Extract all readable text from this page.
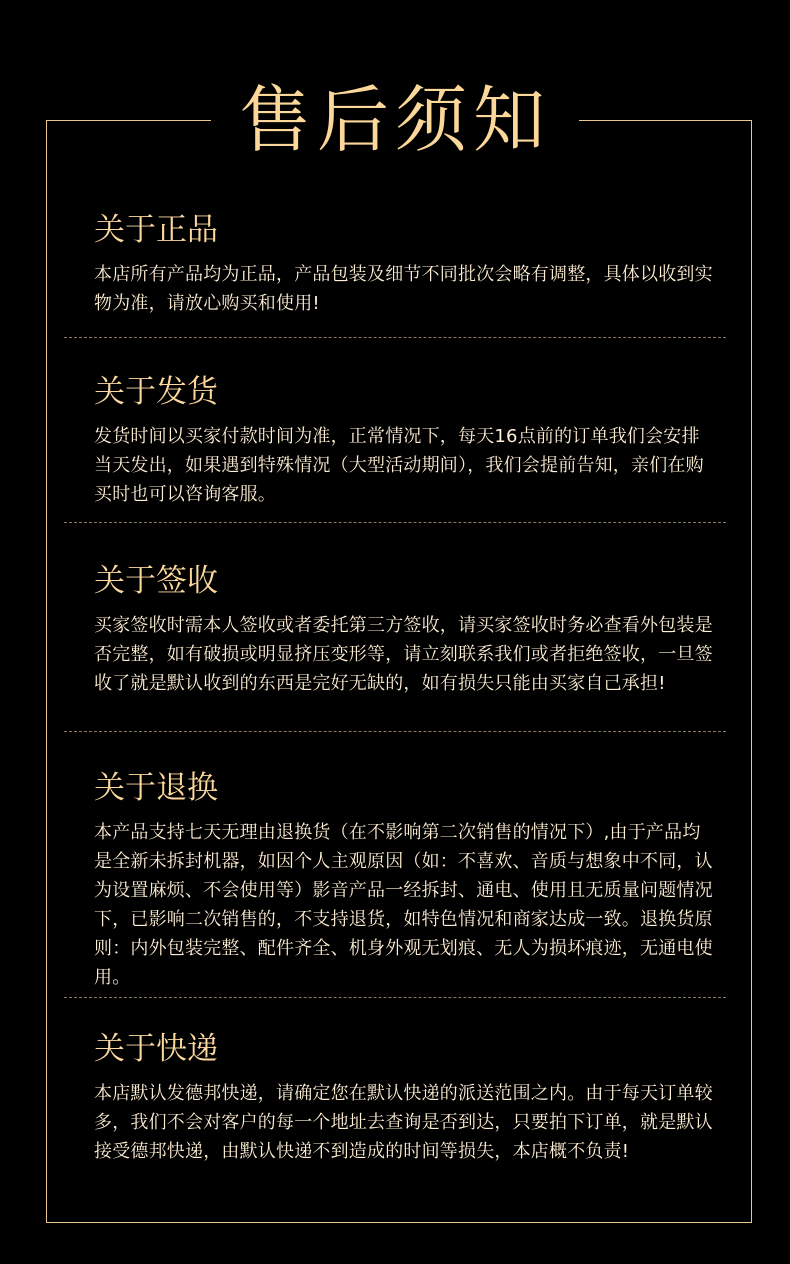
售后须知
关于正品

本店所有产品均为正品，产品包装及细节不同批次会略有调整，具体以收到实物为准，请放心购买和使用!

关于发货

发货时间以买家付款时间为准，正常情况下，每天16点前的订单我们会安排当天发出，如果遇到特殊情况（大型活动期间），我们会提前告知，亲们在购买时也可以咨询客服。

关于签收

买家签收时需本人签收或者委托第三方签收，请买家签收时务必查看外包装是否完整，如有破损或明显挤压变形等，请立刻联系我们或者拒绝签收，一旦签收了就是默认收到的东西是完好无缺的，如有损失只能由买家自己承担!

关于退换

本产品支持七天无理由退换货（在不影响第二次销售的情况下）,由于产品均是全新未拆封机器，如因个人主观原因（如：不喜欢、音质与想象中不同，认为设置麻烦、不会使用等）影音产品一经拆封、通电、使用且无质量问题情况下，已影响二次销售的，不支持退货，如特色情况和商家达成一致。退换货原则：内外包装完整、配件齐全、机身外观无划痕、无人为损坏痕迹，无通电使用。

关于快递

本店默认发德邦快递，请确定您在默认快递的派送范围之内。由于每天订单较多，我们不会对客户的每一个地址去查询是否到达，只要拍下订单，就是默认接受德邦快递，由默认快递不到造成的时间等损失，本店概不负责!
